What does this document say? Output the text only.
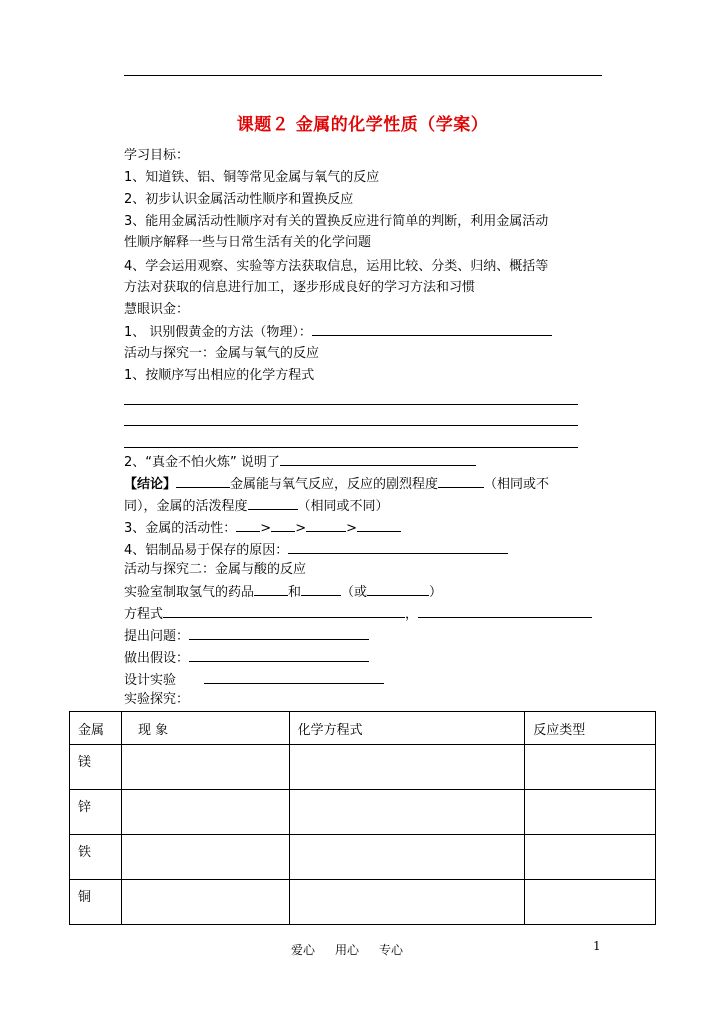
课题２ 金属的化学性质（学案）
学习目标：
1、知道铁、铝、铜等常见金属与氧气的反应
2、初步认识金属活动性顺序和置换反应
3、能用金属活动性顺序对有关的置换反应进行简单的判断，利用金属活动
性顺序解释一些与日常生活有关的化学问题
4、学会运用观察、实验等方法获取信息，运用比较、分类、归纳、概括等
方法对获取的信息进行加工，逐步形成良好的学习方法和习惯
慧眼识金：
1、 识别假黄金的方法（物理）：
活动与探究一：金属与氧气的反应
1、按顺序写出相应的化学方程式
2、“真金不怕火炼” 说明了
【结论】	金属能与氧气反应，反应的剧烈程度	（相同或不
同），金属的活泼程度	（相同或不同）
3、金属的活动性： > >	>
4、铝制品易于保存的原因：
活动与探究二：金属与酸的反应
实验室制取氢气的药品	和	（或	）
方程式	，
提出问题：
做出假设：
设计实验
实验探究：
金属	现 象	化学方程式	反应类型
镁			
锌			
铁			
铜			
爱心 用心 专心	1
